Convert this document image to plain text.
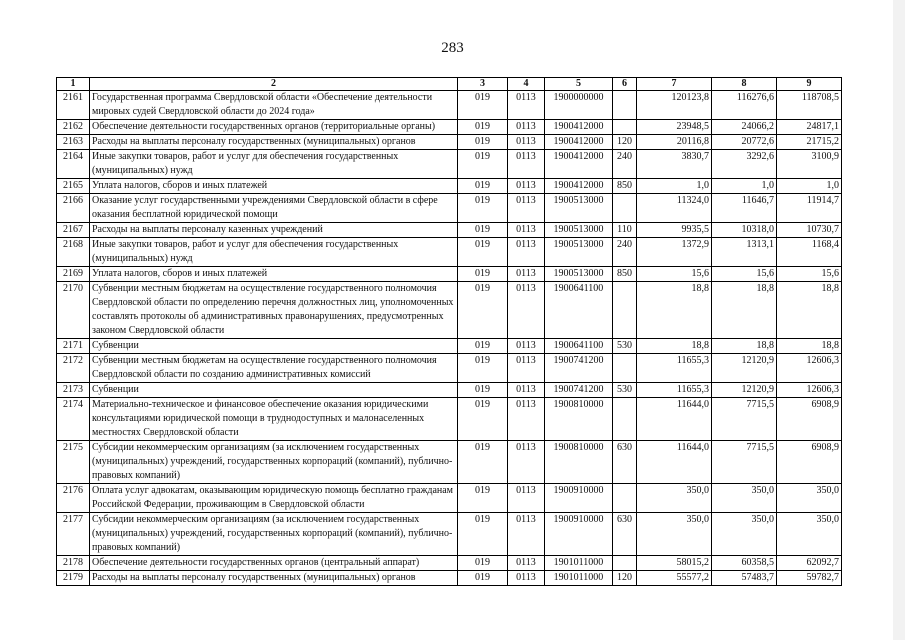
283
1	2	3	4	5	6	7	8	9
2161	Государственная программа Свердловской области «Обеспечение деятельности мировых судей Свердловской области до 2024 года»	019	0113	1900000000		120123,8	116276,6	118708,5
2162	Обеспечение деятельности государственных органов (территориальные органы)	019	0113	1900412000		23948,5	24066,2	24817,1
2163	Расходы на выплаты персоналу государственных (муниципальных) органов	019	0113	1900412000	120	20116,8	20772,6	21715,2
2164	Иные закупки товаров, работ и услуг для обеспечения государственных (муниципальных) нужд	019	0113	1900412000	240	3830,7	3292,6	3100,9
2165	Уплата налогов, сборов и иных платежей	019	0113	1900412000	850	1,0	1,0	1,0
2166	Оказание услуг государственными учреждениями Свердловской области в сфере оказания бесплатной юридической помощи	019	0113	1900513000		11324,0	11646,7	11914,7
2167	Расходы на выплаты персоналу казенных учреждений	019	0113	1900513000	110	9935,5	10318,0	10730,7
2168	Иные закупки товаров, работ и услуг для обеспечения государственных (муниципальных) нужд	019	0113	1900513000	240	1372,9	1313,1	1168,4
2169	Уплата налогов, сборов и иных платежей	019	0113	1900513000	850	15,6	15,6	15,6
2170	Субвенции местным бюджетам на осуществление государственного полномочия Свердловской области по определению перечня должностных лиц, уполномоченных составлять протоколы об административных правонарушениях, предусмотренных законом Свердловской области	019	0113	1900641100		18,8	18,8	18,8
2171	Субвенции	019	0113	1900641100	530	18,8	18,8	18,8
2172	Субвенции местным бюджетам на осуществление государственного полномочия Свердловской области по созданию административных комиссий	019	0113	1900741200		11655,3	12120,9	12606,3
2173	Субвенции	019	0113	1900741200	530	11655,3	12120,9	12606,3
2174	Материально-техническое и финансовое обеспечение оказания юридическими консультациями юридической помощи в труднодоступных и малонаселенных местностях Свердловской области	019	0113	1900810000		11644,0	7715,5	6908,9
2175	Субсидии некоммерческим организациям (за исключением государственных (муниципальных) учреждений, государственных корпораций (компаний), публично-правовых компаний)	019	0113	1900810000	630	11644,0	7715,5	6908,9
2176	Оплата услуг адвокатам, оказывающим юридическую помощь бесплатно гражданам Российской Федерации, проживающим в Свердловской области	019	0113	1900910000		350,0	350,0	350,0
2177	Субсидии некоммерческим организациям (за исключением государственных (муниципальных) учреждений, государственных корпораций (компаний), публично-правовых компаний)	019	0113	1900910000	630	350,0	350,0	350,0
2178	Обеспечение деятельности государственных органов (центральный аппарат)	019	0113	1901011000		58015,2	60358,5	62092,7
2179	Расходы на выплаты персоналу государственных (муниципальных) органов	019	0113	1901011000	120	55577,2	57483,7	59782,7
